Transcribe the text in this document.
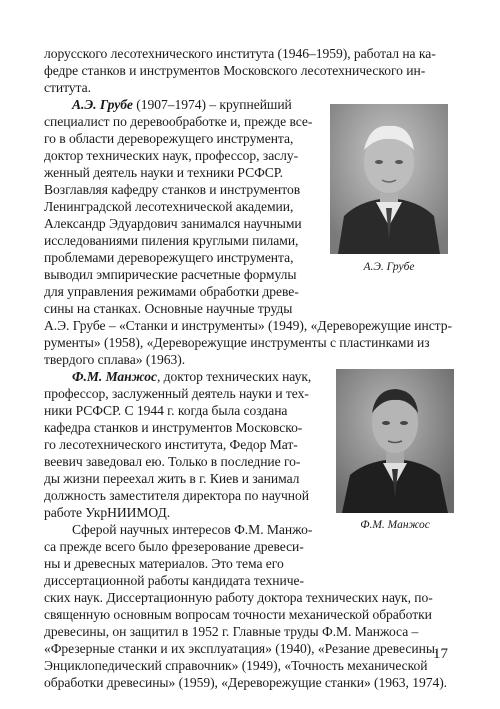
лорусского лесотехнического института (1946–1959), работал на ка-
федре станков и инструментов Московского лесотехнического ин-
ститута.
А.Э. Грубе (1907–1974) – крупнейший
специалист по деревообработке и, прежде все-
го в области дереворежущего инструмента,
доктор технических наук, профессор, заслу-
женный деятель науки и техники РСФСР.
Возглавляя кафедру станков и инструментов
Ленинградской лесотехнической академии,
Александр Эдуардович занимался научными
исследованиями пиления круглыми пилами,
проблемами дереворежущего инструмента,
выводил эмпирические расчетные формулы
для управления режимами обработки древе-
сины на станках. Основные научные труды
А.Э. Грубе – «Станки и инструменты» (1949), «Дереворежущие инстр-
рументы» (1958), «Дереворежущие инструменты с пластинками из
твердого сплава» (1963).
А.Э. Грубе
Ф.М. Манжос, доктор технических наук,
профессор, заслуженный деятель науки и тех-
ники РСФСР. С 1944 г. когда была создана
кафедра станков и инструментов Московско-
го лесотехнического института, Федор Мат-
веевич заведовал ею. Только в последние го-
ды жизни переехал жить в г. Киев и занимал
должность заместителя директора по научной
работе УкрНИИМОД.
Сферой научных интересов Ф.М. Манжо-
са прежде всего было фрезерование древеси-
ны и древесных материалов. Это тема его
диссертационной работы кандидата техниче-
ских наук. Диссертационную работу доктора технических наук, по-
священную основным вопросам точности механической обработки
древесины, он защитил в 1952 г. Главные труды Ф.М. Манжоса –
«Фрезерные станки и их эксплуатация» (1940), «Резание древесины.
Энциклопедический справочник» (1949), «Точность механической
обработки древесины» (1959), «Дереворежущие станки» (1963, 1974).
Ф.М. Манжос
17
